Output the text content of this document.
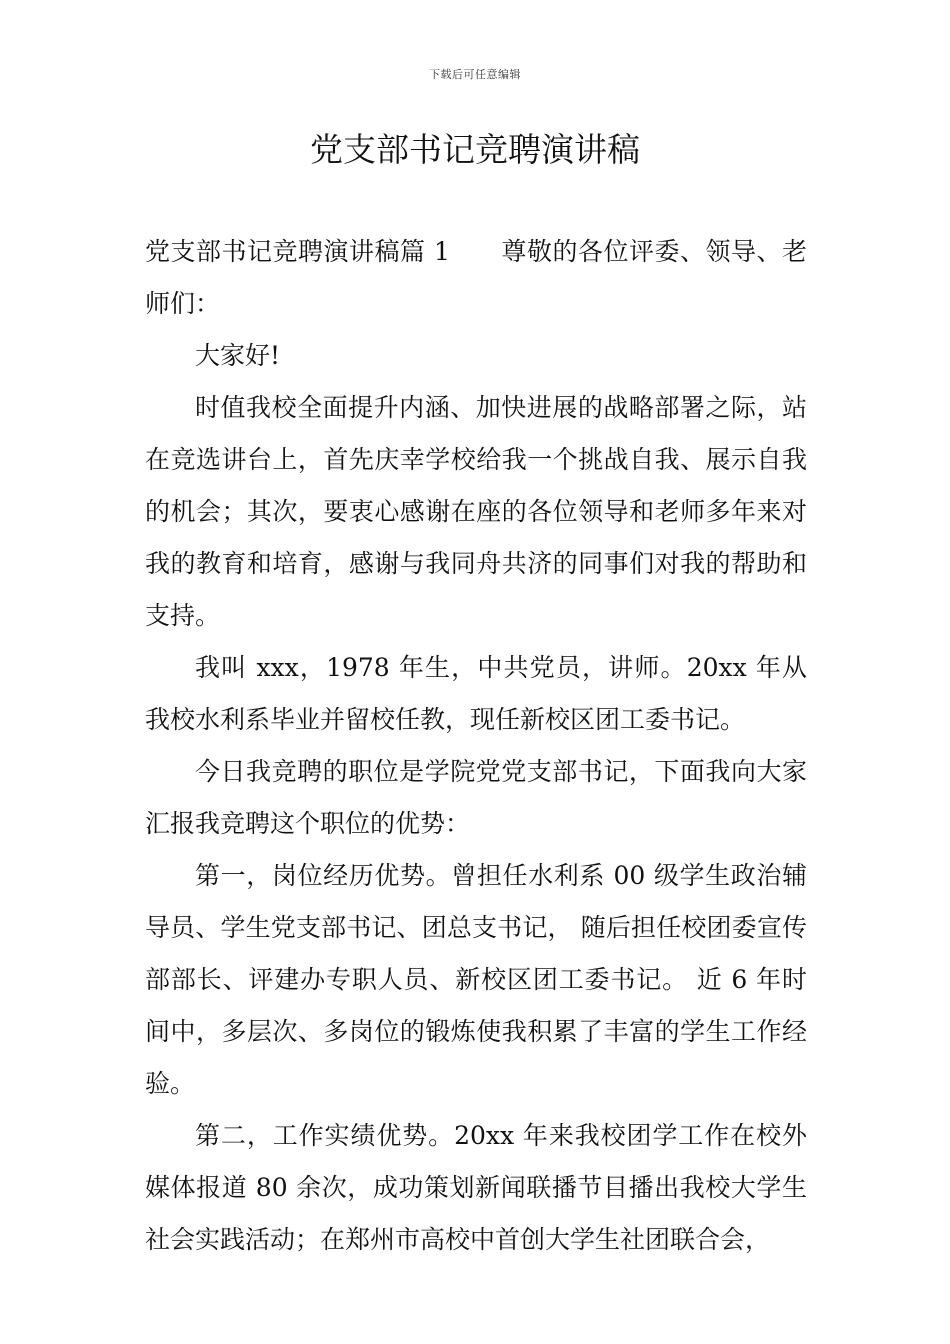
下载后可任意编辑
党支部书记竞聘演讲稿

党支部书记竞聘演讲稿篇 1　　尊敬的各位评委、领导、老师们：

大家好!

时值我校全面提升内涵、加快进展的战略部署之际，站在竞选讲台上，首先庆幸学校给我一个挑战自我、展示自我的机会；其次，要衷心感谢在座的各位领导和老师多年来对我的教育和培育，感谢与我同舟共济的同事们对我的帮助和支持。

我叫 xxx，1978 年生，中共党员，讲师。20xx 年从我校水利系毕业并留校任教，现任新校区团工委书记。

今日我竞聘的职位是学院党党支部书记，下面我向大家汇报我竞聘这个职位的优势：

第一，岗位经历优势。曾担任水利系 00 级学生政治辅导员、学生党支部书记、团总支书记， 随后担任校团委宣传部部长、评建办专职人员、新校区团工委书记。 近 6 年时间中，多层次、多岗位的锻炼使我积累了丰富的学生工作经验。

第二，工作实绩优势。20xx 年来我校团学工作在校外媒体报道 80 余次，成功策划新闻联播节目播出我校大学生社会实践活动；在郑州市高校中首创大学生社团联合会，
